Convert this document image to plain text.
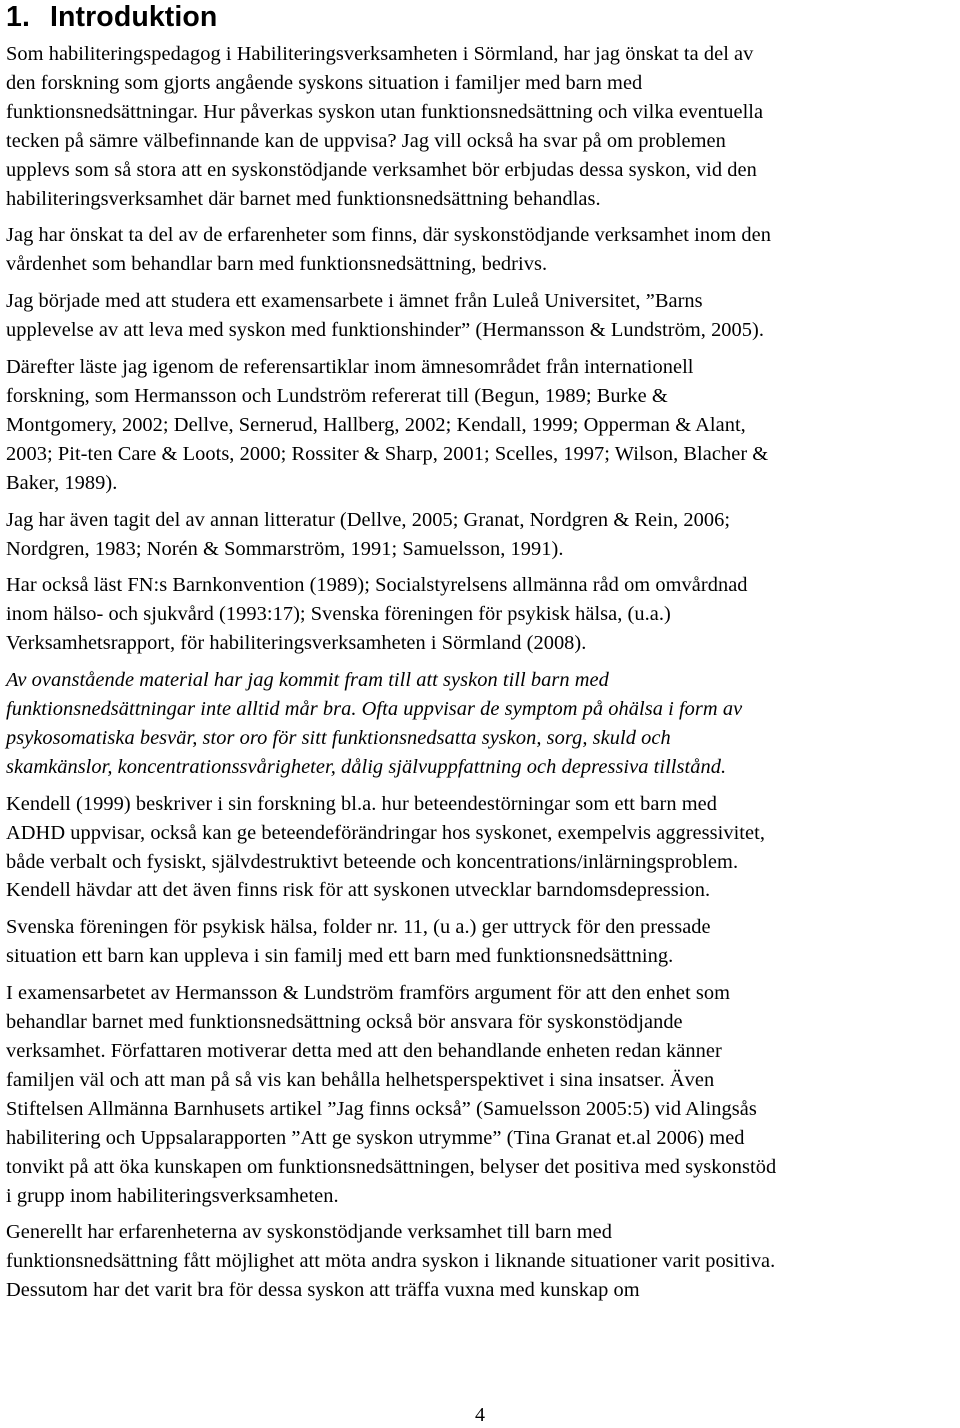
1. Introduktion

Som habiliteringspedagog i Habiliteringsverksamheten i Sörmland, har jag önskat ta del av
den forskning som gjorts angående syskons situation i familjer med barn med
funktionsnedsättningar. Hur påverkas syskon utan funktionsnedsättning och vilka eventuella
tecken på sämre välbefinnande kan de uppvisa? Jag vill också ha svar på om problemen
upplevs som så stora att en syskonstödjande verksamhet bör erbjudas dessa syskon, vid den
habiliteringsverksamhet där barnet med funktionsnedsättning behandlas.

Jag har önskat ta del av de erfarenheter som finns, där syskonstödjande verksamhet inom den
vårdenhet som behandlar barn med funktionsnedsättning, bedrivs.

Jag började med att studera ett examensarbete i ämnet från Luleå Universitet, ”Barns
upplevelse av att leva med syskon med funktionshinder” (Hermansson & Lundström, 2005).

Därefter läste jag igenom de referensartiklar inom ämnesområdet från internationell
forskning, som Hermansson och Lundström refererat till (Begun, 1989; Burke &
Montgomery, 2002; Dellve, Sernerud, Hallberg, 2002; Kendall, 1999; Opperman & Alant,
2003; Pit-ten Care & Loots, 2000; Rossiter & Sharp, 2001; Scelles, 1997; Wilson, Blacher &
Baker, 1989).

Jag har även tagit del av annan litteratur (Dellve, 2005; Granat, Nordgren & Rein, 2006;
Nordgren, 1983; Norén & Sommarström, 1991; Samuelsson, 1991).

Har också läst FN:s Barnkonvention (1989); Socialstyrelsens allmänna råd om omvårdnad
inom hälso- och sjukvård (1993:17); Svenska föreningen för psykisk hälsa, (u.a.)
Verksamhetsrapport, för habiliteringsverksamheten i Sörmland (2008).

Av ovanstående material har jag kommit fram till att syskon till barn med
funktionsnedsättningar inte alltid mår bra. Ofta uppvisar de symptom på ohälsa i form av
psykosomatiska besvär, stor oro för sitt funktionsnedsatta syskon, sorg, skuld och
skamkänslor, koncentrationssvårigheter, dålig självuppfattning och depressiva tillstånd.

Kendell (1999) beskriver i sin forskning bl.a. hur beteendestörningar som ett barn med
ADHD uppvisar, också kan ge beteendeförändringar hos syskonet, exempelvis aggressivitet,
både verbalt och fysiskt, självdestruktivt beteende och koncentrations/inlärningsproblem.
Kendell hävdar att det även finns risk för att syskonen utvecklar barndomsdepression.

Svenska föreningen för psykisk hälsa, folder nr. 11, (u a.) ger uttryck för den pressade
situation ett barn kan uppleva i sin familj med ett barn med funktionsnedsättning.

I examensarbetet av Hermansson & Lundström framförs argument för att den enhet som
behandlar barnet med funktionsnedsättning också bör ansvara för syskonstödjande
verksamhet. Författaren motiverar detta med att den behandlande enheten redan känner
familjen väl och att man på så vis kan behålla helhetsperspektivet i sina insatser. Även
Stiftelsen Allmänna Barnhusets artikel ”Jag finns också” (Samuelsson 2005:5) vid Alingsås
habilitering och Uppsalarapporten ”Att ge syskon utrymme” (Tina Granat et.al 2006) med
tonvikt på att öka kunskapen om funktionsnedsättningen, belyser det positiva med syskonstöd
i grupp inom habiliteringsverksamheten.

Generellt har erfarenheterna av syskonstödjande verksamhet till barn med
funktionsnedsättning fått möjlighet att möta andra syskon i liknande situationer varit positiva.
Dessutom har det varit bra för dessa syskon att träffa vuxna med kunskap om

4
